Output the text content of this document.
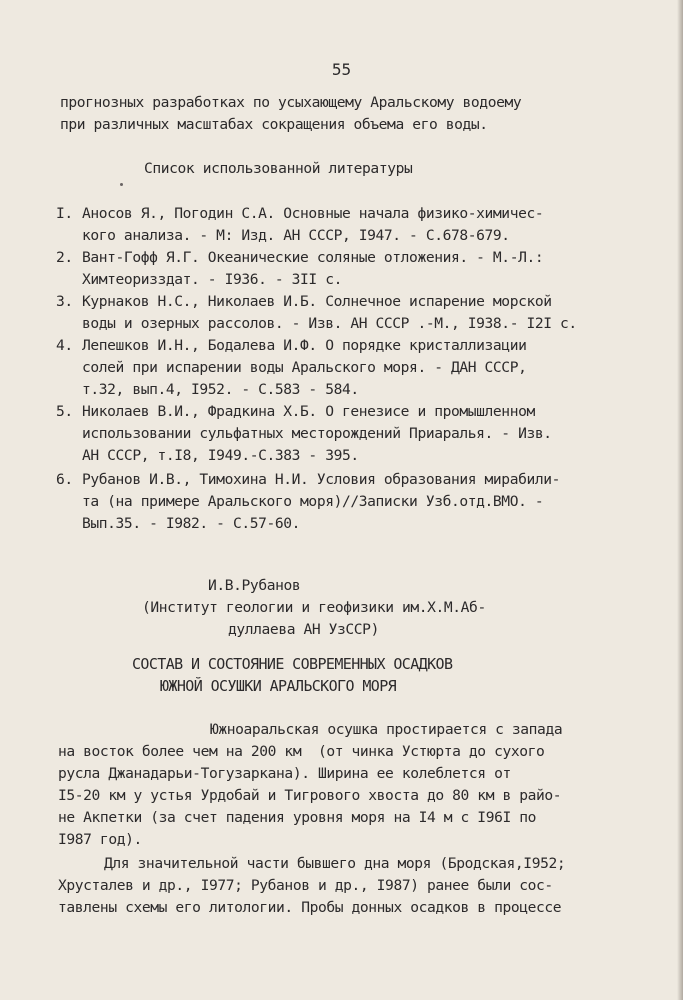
55
прогнозных разработках по усыхающему Аральскому водоему
при различных масштабах сокращения объема его воды.
Список использованной литературы
I. Аносов Я., Погодин С.А. Основные начала физико-химичес-
кого анализа. - М: Изд. АН СССР, I947. - С.678-679.
2. Вант-Гофф Я.Г. Океанические соляные отложения. - М.-Л.:
Химтеоризздат. - I936. - 3II с.
3. Курнаков Н.С., Николаев И.Б. Солнечное испарение морской
воды и озерных рассолов. - Изв. АН СССР .-М., I938.- I2I с.
4. Лепешков И.Н., Бодалева И.Ф. О порядке кристаллизации
солей при испарении воды Аральского моря. - ДАН СССР,
т.32, вып.4, I952. - С.583 - 584.
5. Николаев В.И., Фрадкина Х.Б. О генезисе и промышленном
использовании сульфатных месторождений Приаралья. - Изв.
АН СССР, т.I8, I949.-С.383 - 395.
6. Рубанов И.В., Тимохина Н.И. Условия образования мирабили-
та (на примере Аральского моря)//Записки Узб.отд.ВМО. -
Вып.35. - I982. - С.57-60.
И.В.Рубанов
(Институт геологии и геофизики им.Х.М.Аб-
дуллаева АН УзССР)
СОСТАВ И СОСТОЯНИЕ СОВРЕМЕННЫХ ОСАДКОВ
ЮЖНОЙ ОСУШКИ АРАЛЬСКОГО МОРЯ
Южноаральская осушка простирается с запада
на восток более чем на 200 км  (от чинка Устюрта до сухого
русла Джанадарьи-Тогузаркана). Ширина ее колеблется от
I5-20 км у устья Урдобай и Тигрового хвоста до 80 км в райо-
не Акпетки (за счет падения уровня моря на I4 м с I96I по
I987 год).
Для значительной части бывшего дна моря (Бродская,I952;
Хрусталев и др., I977; Рубанов и др., I987) ранее были сос-
тавлены схемы его литологии. Пробы донных осадков в процессе
